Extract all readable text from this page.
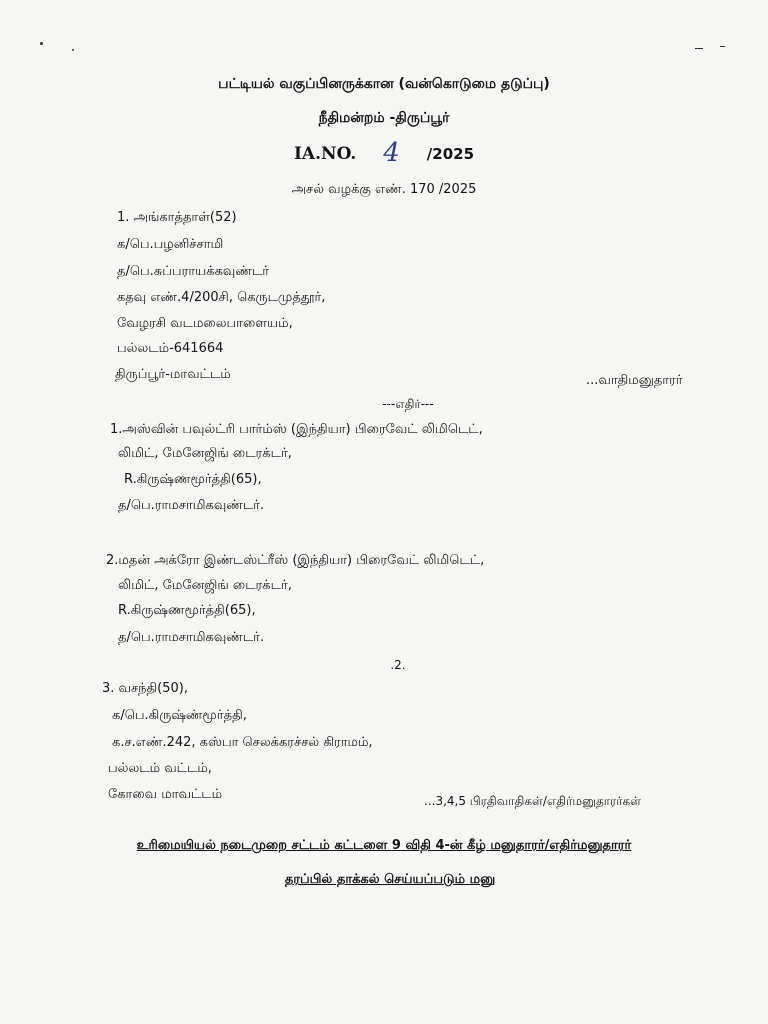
பட்டியல் வகுப்பினருக்கான (வன்கொடுமை தடுப்பு)
நீதிமன்றம் -திருப்பூர்
IA.NO. 4 /2025
அசல் வழக்கு எண். 170 /2025
1. அங்காத்தாள்(52)
க/பெ.பழனிச்சாமி
த/பெ.சுப்பராயக்கவுண்டர்
கதவு எண்.4/200சி, கெருடமுத்தூர்,
வேழரசி வடமலைபாளையம்,
பல்லடம்-641664
திருப்பூர்-மாவட்டம்	...வாதிமனுதாரர்
---எதிர்---
1.அஸ்வின் பவுல்ட்ரி பார்ம்ஸ் (இந்தியா) பிரைவேட் லிமிடெட்,
லிமிட், மேனேஜிங் டைரக்டர்,
R.கிருஷ்ணமூர்த்தி(65),
த/பெ.ராமசாமிகவுண்டர்.
2.மதன் அக்ரோ இண்டஸ்ட்ரீஸ் (இந்தியா) பிரைவேட் லிமிடெட்,
லிமிட், மேனேஜிங் டைரக்டர்,
R.கிருஷ்ணமூர்த்தி(65),
த/பெ.ராமசாமிகவுண்டர்.
.2.
3. வசந்தி(50),
க/பெ.கிருஷ்ண்மூர்த்தி,
க.ச.எண்.242, கஸ்பா செலக்கரச்சல் கிராமம்,
பல்லடம் வட்டம்,
கோவை மாவட்டம்	...3,4,5 பிரதிவாதிகள்/எதிர்மனுதாரர்கள்
உரிமையியல் நடைமுறை சட்டம் கட்டளை 9 விதி 4-ன் கீழ் மனுதாரர்/எதிர்மனுதாரர்
தரப்பில் தாக்கல் செய்யப்படும் மனு
